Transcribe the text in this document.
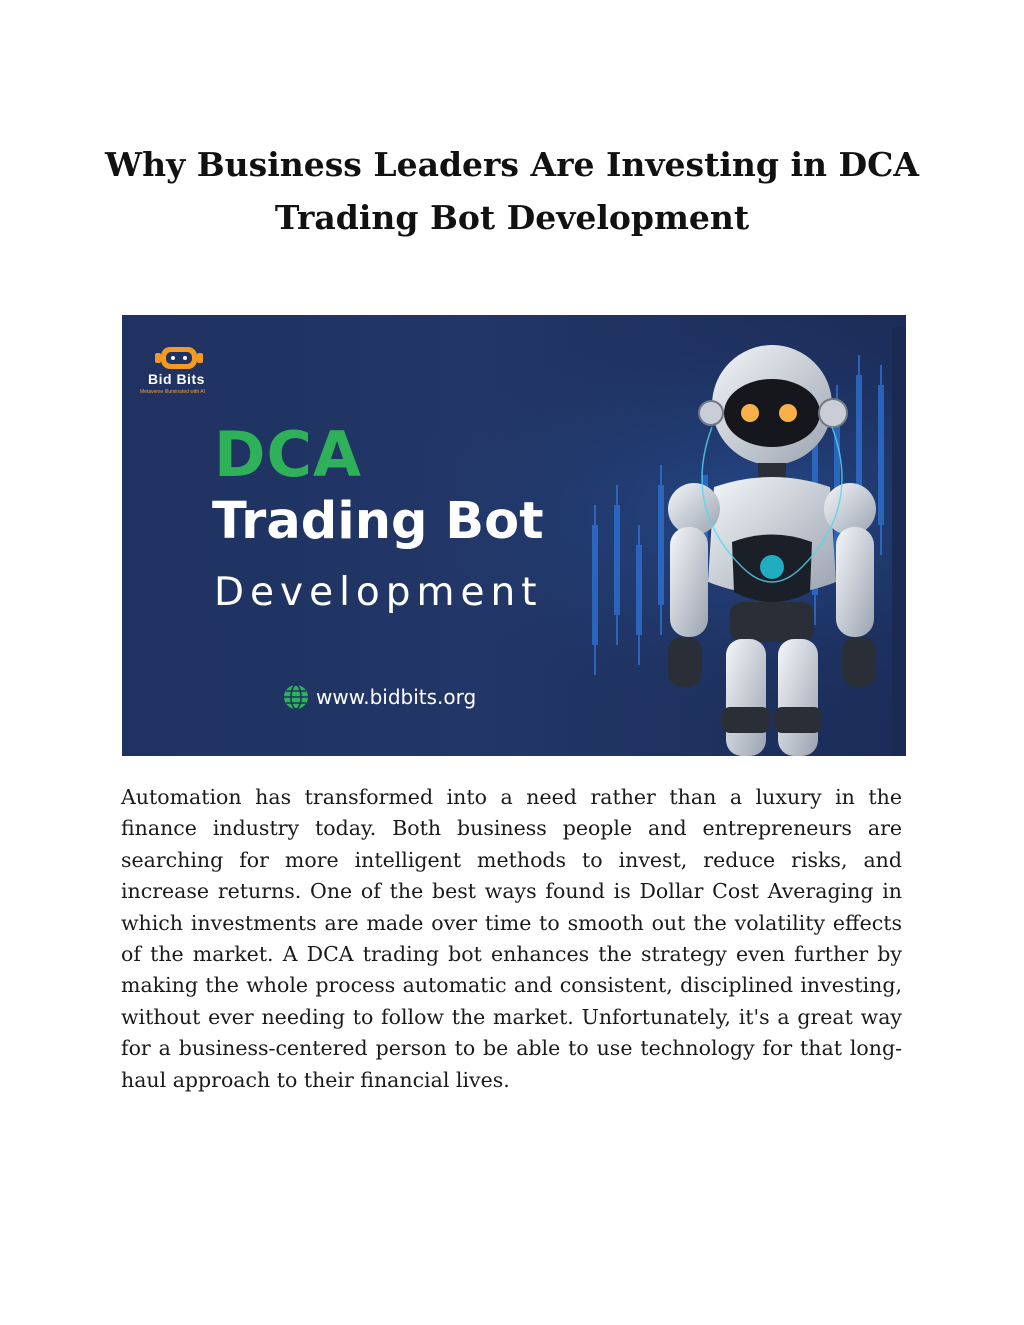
Why Business Leaders Are Investing in DCA Trading Bot Development
Bid Bits
Metaverse Illuminated with AI
DCA
Trading Bot
Development
www.bidbits.org

Automation has transformed into a need rather than a luxury in the finance industry today. Both business people and entrepreneurs are searching for more intelligent methods to invest, reduce risks, and increase returns. One of the best ways found is Dollar Cost Averaging in which investments are made over time to smooth out the volatility effects of the market. A DCA trading bot enhances the strategy even further by making the whole process automatic and consistent, disciplined investing, without ever needing to follow the market. Unfortunately, it's a great way for a business-centered person to be able to use technology for that long-haul approach to their financial lives.
